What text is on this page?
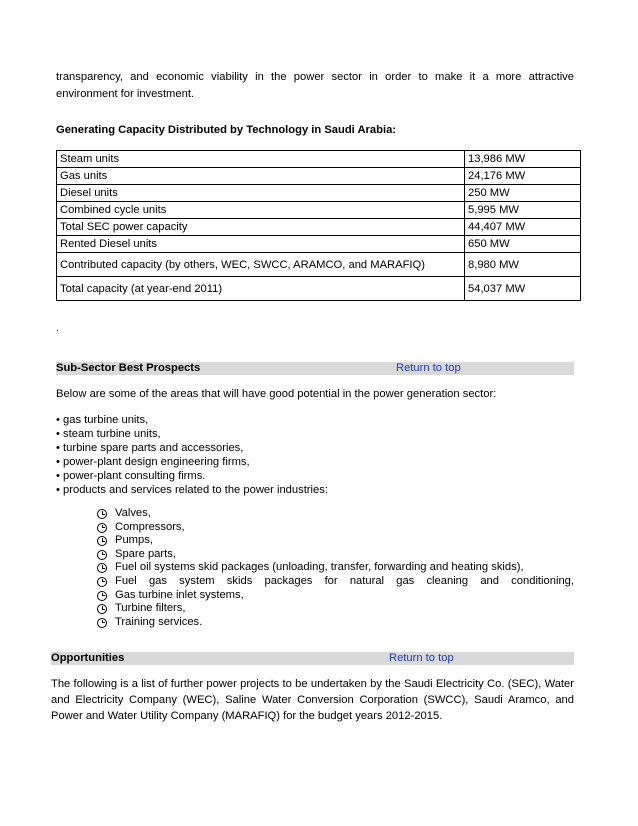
transparency, and economic viability in the power sector in order to make it a more attractive environment for investment.

Generating Capacity Distributed by Technology in Saudi Arabia:
Steam units	13,986 MW
Gas units	24,176 MW
Diesel units	250 MW
Combined cycle units	5,995 MW
Total SEC power capacity	44,407 MW
Rented Diesel units	650 MW
Contributed capacity (by others, WEC, SWCC, ARAMCO, and MARAFIQ)	8,980 MW
Total capacity (at year-end 2011)	54,037 MW
.
Sub-Sector Best Prospects	Return to top
Below are some of the areas that will have good potential in the power generation sector:
• gas turbine units,
• steam turbine units,
• turbine spare parts and accessories,
• power-plant design engineering firms,
• power-plant consulting firms.
• products and services related to the power industries:
Valves,
Compressors,
Pumps,
Spare parts,
Fuel oil systems skid packages (unloading, transfer, forwarding and heating skids),
Fuel gas system skids packages for natural gas cleaning and conditioning,
Gas turbine inlet systems,
Turbine filters,
Training services.
Opportunities	Return to top

The following is a list of further power projects to be undertaken by the Saudi Electricity Co. (SEC), Water and Electricity Company (WEC), Saline Water Conversion Corporation (SWCC), Saudi Aramco, and Power and Water Utility Company (MARAFIQ) for the budget years 2012-2015.
